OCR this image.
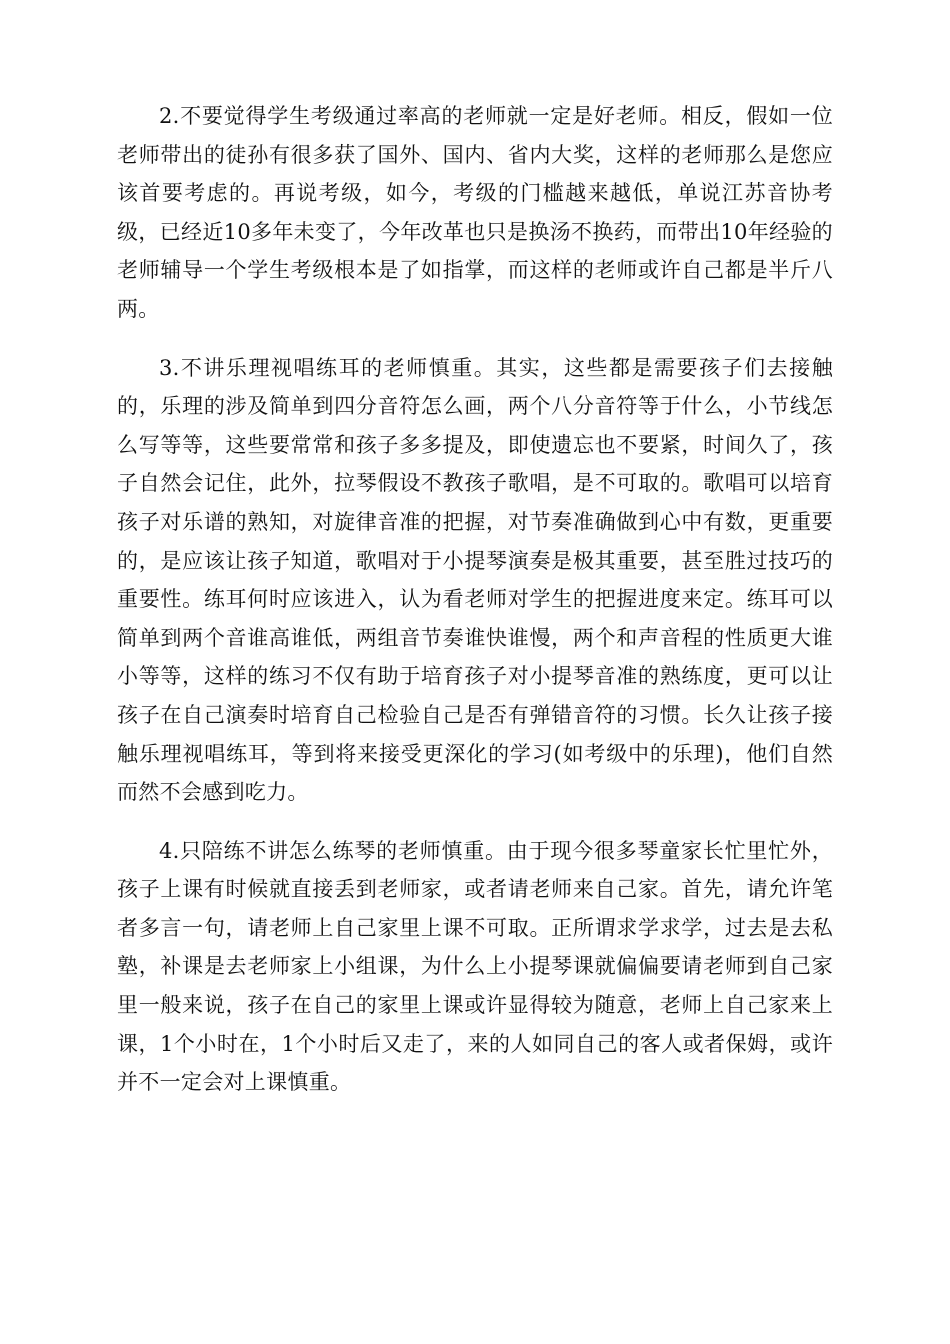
2.不要觉得学生考级通过率高的老师就一定是好老师。相反，假如一位老师带出的徒孙有很多获了国外、国内、省内大奖，这样的老师那么是您应该首要考虑的。再说考级，如今，考级的门槛越来越低，单说江苏音协考级，已经近10多年未变了，今年改革也只是换汤不换药，而带出10年经验的老师辅导一个学生考级根本是了如指掌，而这样的老师或许自己都是半斤八两。

3.不讲乐理视唱练耳的老师慎重。其实，这些都是需要孩子们去接触的，乐理的涉及简单到四分音符怎么画，两个八分音符等于什么，小节线怎么写等等，这些要常常和孩子多多提及，即使遗忘也不要紧，时间久了，孩子自然会记住，此外，拉琴假设不教孩子歌唱，是不可取的。歌唱可以培育孩子对乐谱的熟知，对旋律音准的把握，对节奏准确做到心中有数，更重要的，是应该让孩子知道，歌唱对于小提琴演奏是极其重要，甚至胜过技巧的重要性。练耳何时应该进入，认为看老师对学生的把握进度来定。练耳可以简单到两个音谁高谁低，两组音节奏谁快谁慢，两个和声音程的性质更大谁小等等，这样的练习不仅有助于培育孩子对小提琴音准的熟练度，更可以让孩子在自己演奏时培育自己检验自己是否有弹错音符的习惯。长久让孩子接触乐理视唱练耳，等到将来接受更深化的学习(如考级中的乐理)，他们自然而然不会感到吃力。

4.只陪练不讲怎么练琴的老师慎重。由于现今很多琴童家长忙里忙外，孩子上课有时候就直接丢到老师家，或者请老师来自己家。首先，请允许笔者多言一句，请老师上自己家里上课不可取。正所谓求学求学，过去是去私塾，补课是去老师家上小组课，为什么上小提琴课就偏偏要请老师到自己家里一般来说，孩子在自己的家里上课或许显得较为随意，老师上自己家来上课，1个小时在，1个小时后又走了，来的人如同自己的客人或者保姆，或许并不一定会对上课慎重。
